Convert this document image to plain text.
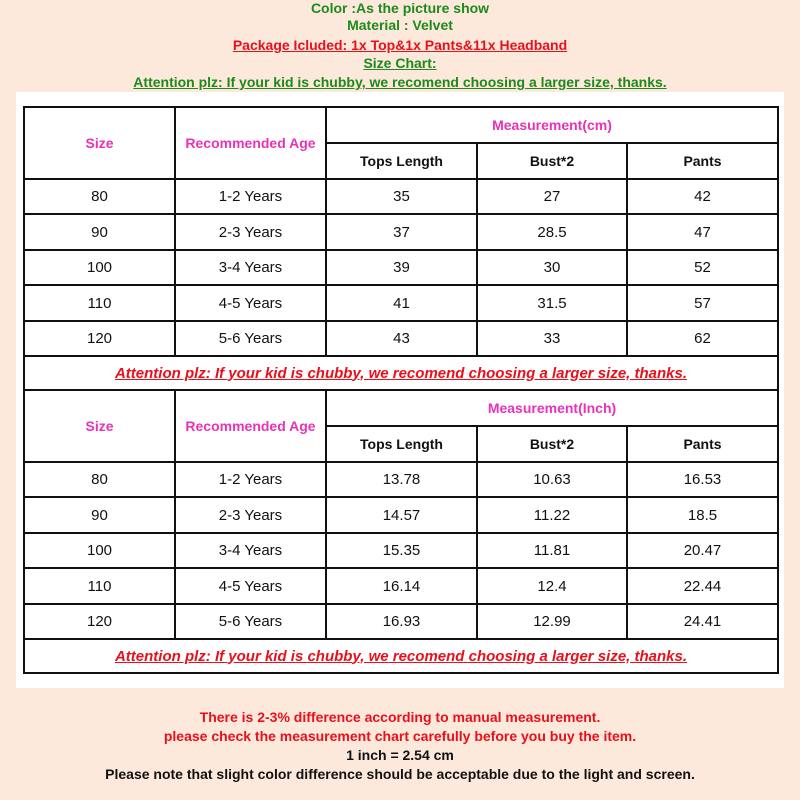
Color :As the picture show
Material : Velvet
Package Icluded: 1x Top&1x Pants&11x Headband
Size Chart:
Attention plz: If your kid is chubby, we recomend choosing a larger size, thanks.
Size	Recommended Age	Measurement(cm)		
		Tops Length	Bust*2	Pants
80	1-2 Years	35	27	42
90	2-3 Years	37	28.5	47
100	3-4 Years	39	30	52
110	4-5 Years	41	31.5	57
120	5-6 Years	43	33	62
Attention plz: If your kid is chubby, we recomend choosing a larger size, thanks.				
Size	Recommended Age	Measurement(Inch)		
		Tops Length	Bust*2	Pants
80	1-2 Years	13.78	10.63	16.53
90	2-3 Years	14.57	11.22	18.5
100	3-4 Years	15.35	11.81	20.47
110	4-5 Years	16.14	12.4	22.44
120	5-6 Years	16.93	12.99	24.41
Attention plz: If your kid is chubby, we recomend choosing a larger size, thanks.				
There is 2-3% difference according to manual measurement.
please check the measurement chart carefully before you buy the item.
1 inch = 2.54 cm
Please note that slight color difference should be acceptable due to the light and screen.
